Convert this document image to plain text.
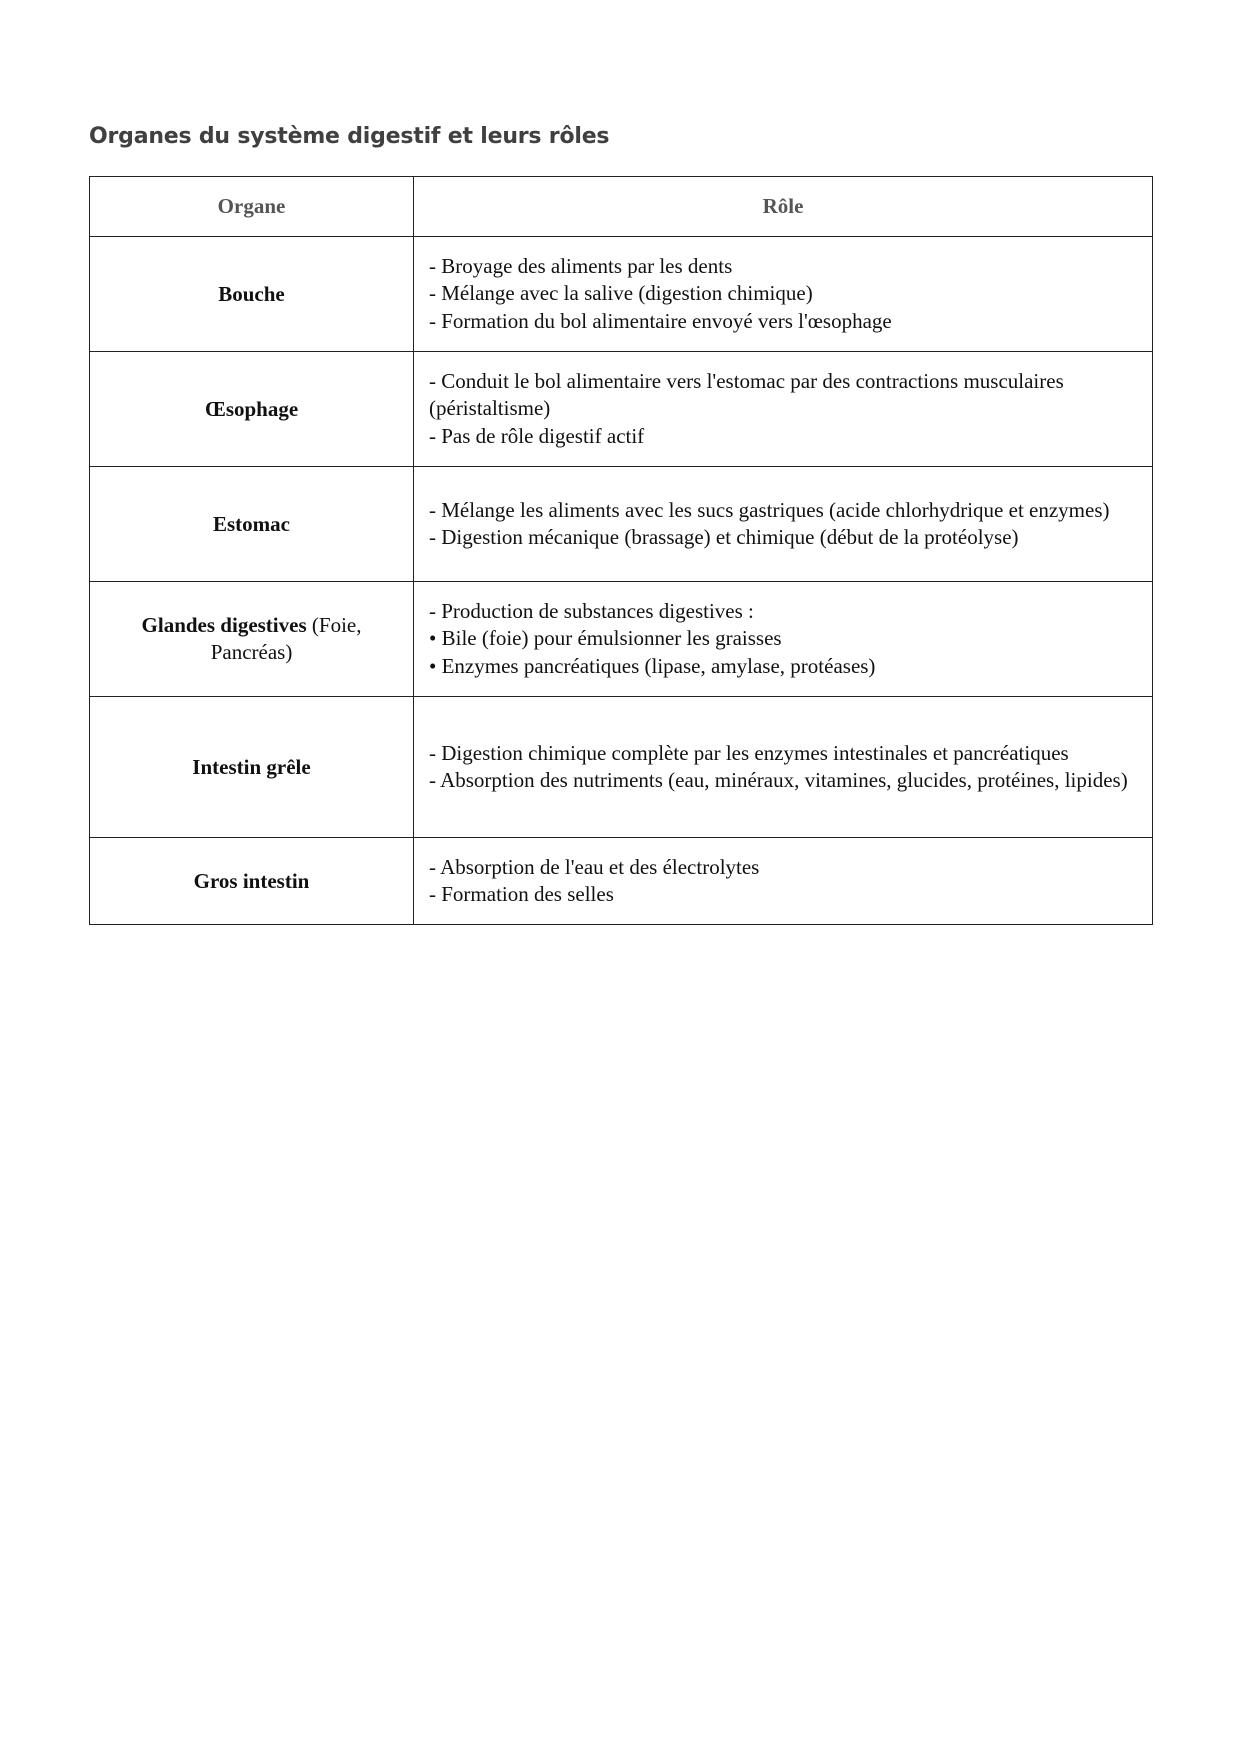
Organes du système digestif et leurs rôles
Organe	Rôle
Bouche	- Broyage des aliments par les dents
- Mélange avec la salive (digestion chimique)
- Formation du bol alimentaire envoyé vers l'œsophage

Œsophage	- Conduit le bol alimentaire vers l'estomac par des contractions musculaires (péristaltisme)
- Pas de rôle digestif actif

Estomac	- Mélange les aliments avec les sucs gastriques (acide chlorhydrique et enzymes)
- Digestion mécanique (brassage) et chimique (début de la protéolyse)

Glandes digestives (Foie, Pancréas)	- Production de substances digestives :
• Bile (foie) pour émulsionner les graisses
• Enzymes pancréatiques (lipase, amylase, protéases)

Intestin grêle	- Digestion chimique complète par les enzymes intestinales et pancréatiques
- Absorption des nutriments (eau, minéraux, vitamines, glucides, protéines, lipides)

Gros intestin	- Absorption de l'eau et des électrolytes
- Formation des selles
